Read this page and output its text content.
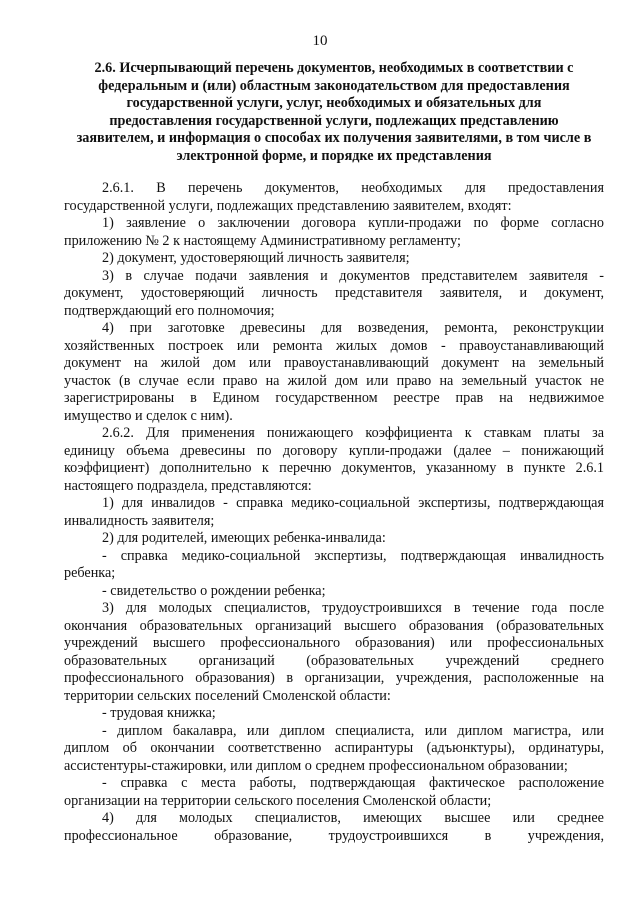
10

2.6. Исчерпывающий перечень документов, необходимых в соответствии с

федеральным и (или) областным законодательством для предоставления

государственной услуги, услуг, необходимых и обязательных для

предоставления государственной услуги, подлежащих представлению

заявителем, и информация о способах их получения заявителями, в том числе в

электронной форме, и порядке их представления

2.6.1. В перечень документов, необходимых для предоставления
государственной услуги, подлежащих представлению заявителем, входят:
1) заявление о заключении договора купли-продажи по форме согласно
приложению № 2 к настоящему Административному регламенту;
2) документ, удостоверяющий личность заявителя;
3) в случае подачи заявления и документов представителем заявителя -
документ, удостоверяющий личность представителя заявителя, и документ,
подтверждающий его полномочия;
4) при заготовке древесины для возведения, ремонта, реконструкции
хозяйственных построек или ремонта жилых домов - правоустанавливающий
документ на жилой дом или правоустанавливающий документ на земельный
участок (в случае если право на жилой дом или право на земельный участок не
зарегистрированы в Едином государственном реестре прав на недвижимое
имущество и сделок с ним).
2.6.2. Для применения понижающего коэффициента к ставкам платы за
единицу объема древесины по договору купли-продажи (далее – понижающий
коэффициент) дополнительно к перечню документов, указанному в пункте 2.6.1
настоящего подраздела, представляются:
1) для инвалидов - справка медико-социальной экспертизы, подтверждающая
инвалидность заявителя;
2) для родителей, имеющих ребенка-инвалида:
- справка медико-социальной экспертизы, подтверждающая инвалидность
ребенка;
- свидетельство о рождении ребенка;
3) для молодых специалистов, трудоустроившихся в течение года после
окончания образовательных организаций высшего образования (образовательных
учреждений высшего профессионального образования) или профессиональных
образовательных организаций (образовательных учреждений среднего
профессионального образования) в организации, учреждения, расположенные на
территории сельских поселений Смоленской области:
- трудовая книжка;
- диплом бакалавра, или диплом специалиста, или диплом магистра, или
диплом об окончании соответственно аспирантуры (адъюнктуры), ординатуры,
ассистентуры-стажировки, или диплом о среднем профессиональном образовании;
- справка с места работы, подтверждающая фактическое расположение
организации на территории сельского поселения Смоленской области;
4) для молодых специалистов, имеющих высшее или среднее
профессиональное образование, трудоустроившихся в учреждения,
